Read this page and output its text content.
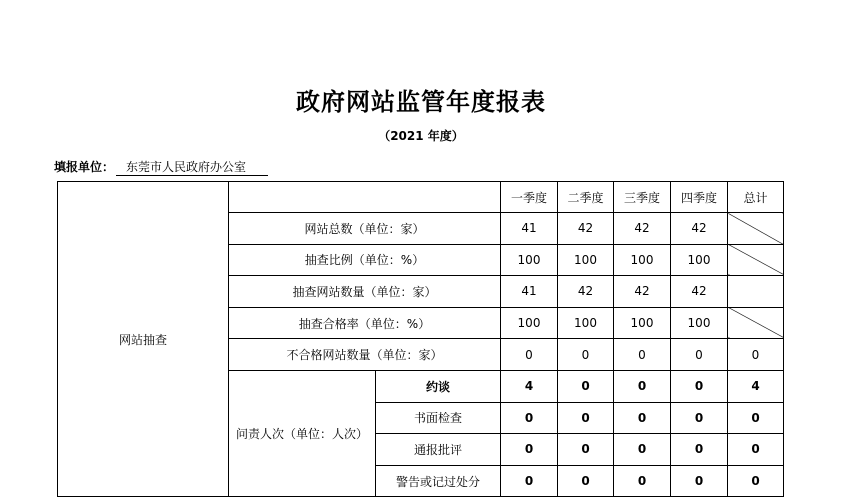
政府网站监管年度报表
（2021 年度）
填报单位： 东莞市人民政府办公室
网站抽查			一季度	二季度	三季度	四季度	总计
	网站总数（单位：家）		41	42	42	42	
	抽查比例（单位：%）		100	100	100	100	
	抽查网站数量（单位：家）		41	42	42	42	
	抽查合格率（单位：%）		100	100	100	100	
	不合格网站数量（单位：家）		0	0	0	0	0
	问责人次（单位：人次）	约谈	4	0	0	0	4
		书面检查	0	0	0	0	0
		通报批评	0	0	0	0	0
		警告或记过处分	0	0	0	0	0
